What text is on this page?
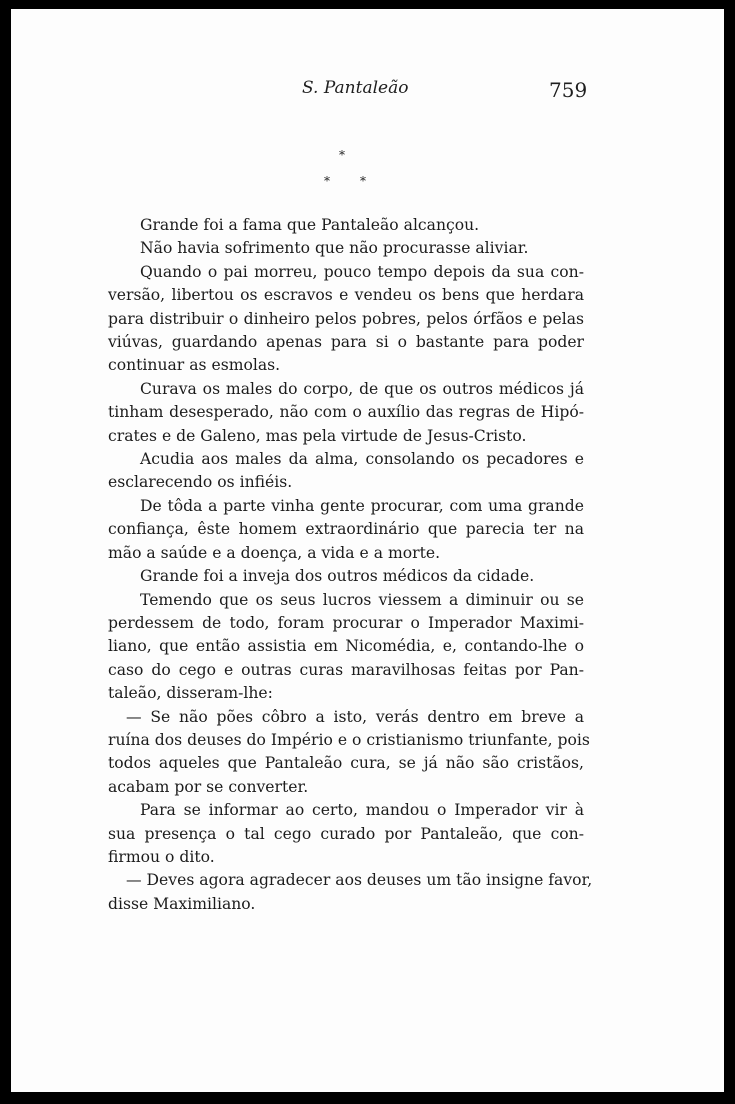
S. Pantaleão	759
*
*	*
Grande foi a fama que Pantaleão alcançou.
Não havia sofrimento que não procurasse aliviar.
Quando o pai morreu, pouco tempo depois da sua con-
versão, libertou os escravos e vendeu os bens que herdara
para distribuir o dinheiro pelos pobres, pelos órfãos e pelas
viúvas, guardando apenas para si o bastante para poder
continuar as esmolas.
Curava os males do corpo, de que os outros médicos já
tinham desesperado, não com o auxílio das regras de Hipó-
crates e de Galeno, mas pela virtude de Jesus-Cristo.
Acudia aos males da alma, consolando os pecadores e
esclarecendo os infiéis.
De tôda a parte vinha gente procurar, com uma grande
confiança, êste homem extraordinário que parecia ter na
mão a saúde e a doença, a vida e a morte.
Grande foi a inveja dos outros médicos da cidade.
Temendo que os seus lucros viessem a diminuir ou se
perdessem de todo, foram procurar o Imperador Maximi-
liano, que então assistia em Nicomédia, e, contando-lhe o
caso do cego e outras curas maravilhosas feitas por Pan-
taleão, disseram-lhe:
— Se não pões côbro a isto, verás dentro em breve a
ruína dos deuses do Império e o cristianismo triunfante, pois
todos aqueles que Pantaleão cura, se já não são cristãos,
acabam por se converter.
Para se informar ao certo, mandou o Imperador vir à
sua presença o tal cego curado por Pantaleão, que con-
firmou o dito.
— Deves agora agradecer aos deuses um tão insigne favor,
disse Maximiliano.
